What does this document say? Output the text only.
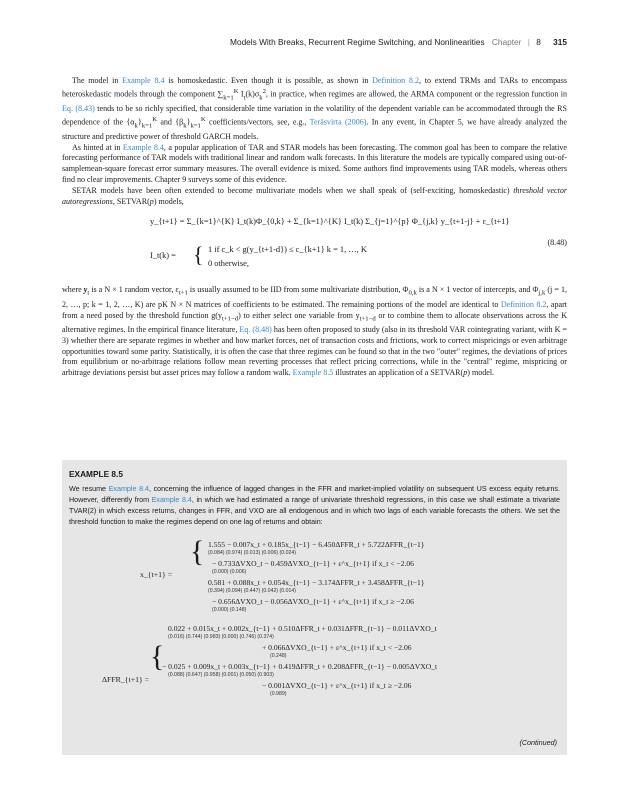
Models With Breaks, Recurrent Regime Switching, and Nonlinearities Chapter | 8 315

The model in Example 8.4 is homoskedastic. Even though it is possible, as shown in Definition 8.2, to extend TRMs and TARs to encompass heteroskedastic models through the component $\sum_{k=1}^K$ $I_t(k)\sigma_k^2$, in practice, when regimes are allowed, the ARMA component or the regression function in Eq. (8.43) tends to be so richly specified, that considerable time variation in the volatility of the dependent variable can be accommodated through the RS dependence of the $\{\alpha_k\}_{k=1}^K$ and $\{\beta_k\}_{k=1}^K$ coefficients/vectors, see, e.g., Teräsvirta (2006). In any event, in Chapter 5, we have already analyzed the structure and predictive power of threshold GARCH models.

As hinted at in Example 8.4, a popular application of TAR and STAR models has been forecasting. The common goal has been to compare the relative forecasting performance of TAR models with traditional linear and random walk forecasts. In this literature the models are typically compared using out-of-samplemean-square forecast error summary measures. The overall evidence is mixed. Some authors find improvements using TAR models, whereas others find no clear improvements. Chapter 9 surveys some of this evidence.

SETAR models have been often extended to become multivariate models when we shall speak of (self-exciting, homoskedastic) threshold vector autoregressions, SETVAR(p) models,

y_{t+1} = Σ_{k=1}^{K} I_t(k)Φ_{0,k} + Σ_{k=1}^{K} I_t(k) Σ_{j=1}^{p} Φ_{j,k} y_{t+1-j} + ε_{t+1}
I_t(k) = { 1 if c_k < g(y_{t+1-d}) ≤ c_{k+1} k = 1, …, K
0 otherwise,
(8.48)

where $y_t$ is a N × 1 random vector, $\varepsilon_{t+1}$ is usually assumed to be IID from some multivariate distribution, $\Phi_{0,k}$ is a N × 1 vector of intercepts, and $\Phi_{j,k}$ (j = 1, 2, …, p; k = 1, 2, …, K) are pK N × N matrices of coefficients to be estimated. The remaining portions of the model are identical to Definition 8.2, apart from a need posed by the threshold function $g(y_{t+1-d})$ to either select one variable from $y_{t+1-d}$ or to combine them to allocate observations across the K alternative regimes. In the empirical finance literature, Eq. (8.48) has been often proposed to study (also in its threshold VAR cointegrating variant, with K = 3) whether there are separate regimes in whether and how market forces, net of transaction costs and frictions, work to correct mispricings or even arbitrage opportunities toward some parity. Statistically, it is often the case that three regimes can be found so that in the two "outer" regimes, the deviations of prices from equilibrium or no-arbitrage relations follow mean reverting processes that reflect pricing corrections, while in the "central" regime, mispricing or arbitrage deviations persist but asset prices may follow a random walk. Example 8.5 illustrates an application of a SETVAR(p) model.

EXAMPLE 8.5
We resume Example 8.4, concerning the influence of lagged changes in the FFR and market-implied volatility on subsequent US excess equity returns. However, differently from Example 8.4, in which we had estimated a range of univariate threshold regressions, in this case we shall estimate a trivariate TVAR(2) in which excess returns, changes in FFR, and VXO are all endogenous and in which two lags of each variable forecasts the others. We set the threshold function to make the regimes depend on one lag of returns and obtain:
x_{t+1} =
{ 1.555 − 0.007x_t + 0.185x_{t−1} − 6.450ΔFFR_t + 5.722ΔFFR_{t−1}
(0.084) (0.974) (0.013) (0.006) (0.024)
− 0.733ΔVXO_t − 0.459ΔVXO_{t−1} + ε^x_{t+1} if x_t < −2.06
(0.000) (0.006)
0.581 + 0.088x_t + 0.054x_{t−1} − 3.174ΔFFR_t + 3.458ΔFFR_{t−1}
(0.394) (0.094) (0.447) (0.042) (0.014)
− 0.656ΔVXO_t − 0.056ΔVXO_{t−1} + ε^x_{t+1} if x_t ≥ −2.06
(0.000) (0.148)
ΔFFR_{t+1} =
{
0.022 + 0.015x_t + 0.002x_{t−1} + 0.510ΔFFR_t + 0.031ΔFFR_{t−1} − 0.011ΔVXO_t
(0.016) (0.744) (0.983) (0.000) (0.746) (0.374)
+ 0.066ΔVXO_{t−1} + ε^x_{t+1} if x_t < −2.06
(0.248)
− 0.025 + 0.009x_t + 0.003x_{t−1} + 0.419ΔFFR_t + 0.208ΔFFR_{t−1} − 0.005ΔVXO_t
(0.088) (0.647) (0.958) (0.001) (0.050) (0.903)
− 0.001ΔVXO_{t−1} + ε^x_{t+1} if x_t ≥ −2.06
(0.989)
(Continued)
